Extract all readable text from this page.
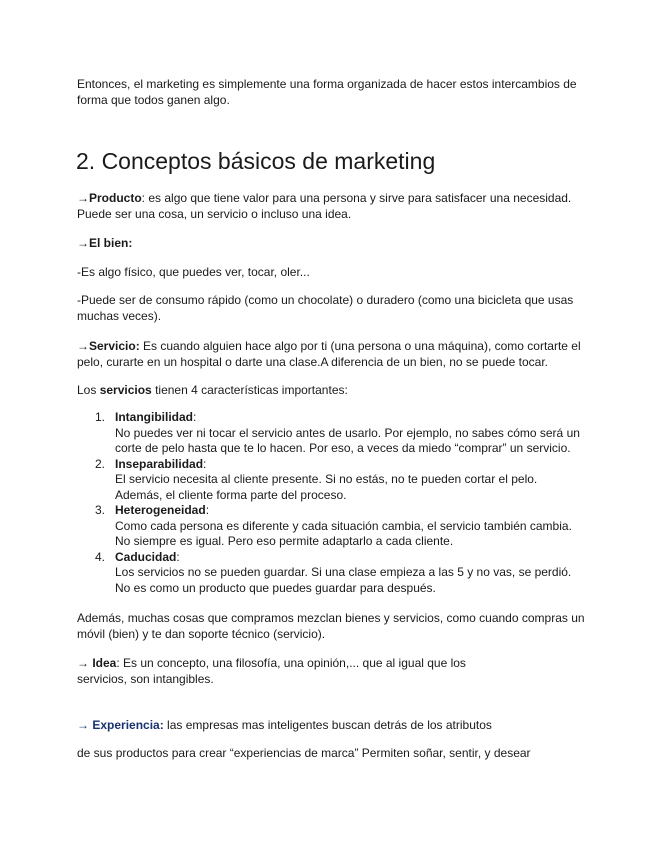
Entonces, el marketing es simplemente una forma organizada de hacer estos intercambios de forma que todos ganen algo.

2. Conceptos básicos de marketing

→Producto: es algo que tiene valor para una persona y sirve para satisfacer una necesidad. Puede ser una cosa, un servicio o incluso una idea.

→El bien:

-Es algo físico, que puedes ver, tocar, oler...

-Puede ser de consumo rápido (como un chocolate) o duradero (como una bicicleta que usas muchas veces).

→Servicio: Es cuando alguien hace algo por ti (una persona o una máquina), como cortarte el pelo, curarte en un hospital o darte una clase.A diferencia de un bien, no se puede tocar.

Los servicios tienen 4 características importantes:

1. Intangibilidad:
No puedes ver ni tocar el servicio antes de usarlo. Por ejemplo, no sabes cómo será un corte de pelo hasta que te lo hacen. Por eso, a veces da miedo “comprar” un servicio.
2. Inseparabilidad:
El servicio necesita al cliente presente. Si no estás, no te pueden cortar el pelo. Además, el cliente forma parte del proceso.
3. Heterogeneidad:
Como cada persona es diferente y cada situación cambia, el servicio también cambia. No siempre es igual. Pero eso permite adaptarlo a cada cliente.
4. Caducidad:
Los servicios no se pueden guardar. Si una clase empieza a las 5 y no vas, se perdió. No es como un producto que puedes guardar para después.

Además, muchas cosas que compramos mezclan bienes y servicios, como cuando compras un móvil (bien) y te dan soporte técnico (servicio).

→ Idea: Es un concepto, una filosofía, una opinión,... que al igual que los servicios, son intangibles.

→ Experiencia: las empresas mas inteligentes buscan detrás de los atributos

de sus productos para crear “experiencias de marca” Permiten soñar, sentir, y desear
